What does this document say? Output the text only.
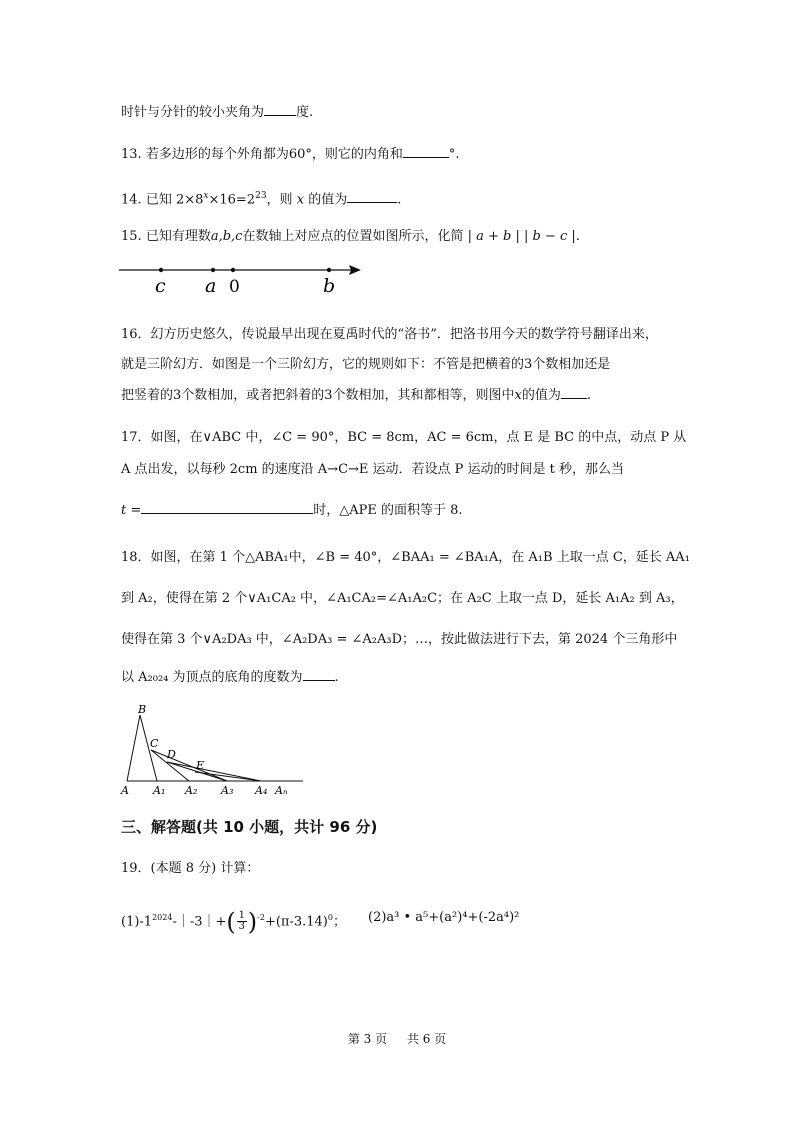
时针与分针的较小夹角为 度.
13. 若多边形的每个外角都为60°，则它的内角和	°.
14. 已知 $2\times 8^x\times 16=2^{23}$，则 x 的值为	.
15. 已知有理数a,b,c在数轴上对应点的位置如图所示，化简 | a + b | | b − c |.
c a 0	b
16．幻方历史悠久，传说最早出现在夏禹时代的“洛书”．把洛书用今天的数学符号翻译出来，
就是三阶幻方．如图是一个三阶幻方，它的规则如下：不管是把横着的3个数相加还是
把竖着的3个数相加，或者把斜着的3个数相加，其和都相等，则图中x的值为 .
17．如图，在∨ABC 中，∠C = 90°，BC = 8cm，AC = 6cm，点 E 是 BC 的中点，动点 P 从
A 点出发，以每秒 2cm 的速度沿 A→C→E 运动．若设点 P 运动的时间是 t 秒，那么当
t =	时，△APE 的面积等于 8.
18．如图，在第 1 个△ABA₁中，∠B = 40°，∠BAA₁ = ∠BA₁A，在 A₁B 上取一点 C，延长 AA₁
到 A₂，使得在第 2 个∨A₁CA₂ 中，∠A₁CA₂=∠A₁A₂C；在 A₂C 上取一点 D，延长 A₁A₂ 到 A₃，
使得在第 3 个∨A₂DA₃ 中，∠A₂DA₃ = ∠A₂A₃D；…，按此做法进行下去，第 2024 个三角形中
以 A₂₀₂₄ 为顶点的底角的度数为 .
B
C
D
E
A A₁ A₂ A₃ A₄ Aₙ
三、解答题(共 10 小题，共计 96 分)
19．(本题 8 分) 计算：
$(1)-1^{2024}-|-3|+( \frac{1}{3} )^{-2}+(\pi-3.14)^0$； (2)a³ • a⁵+(a²)⁴+(-2a⁴)²
第 3 页 共 6 页
